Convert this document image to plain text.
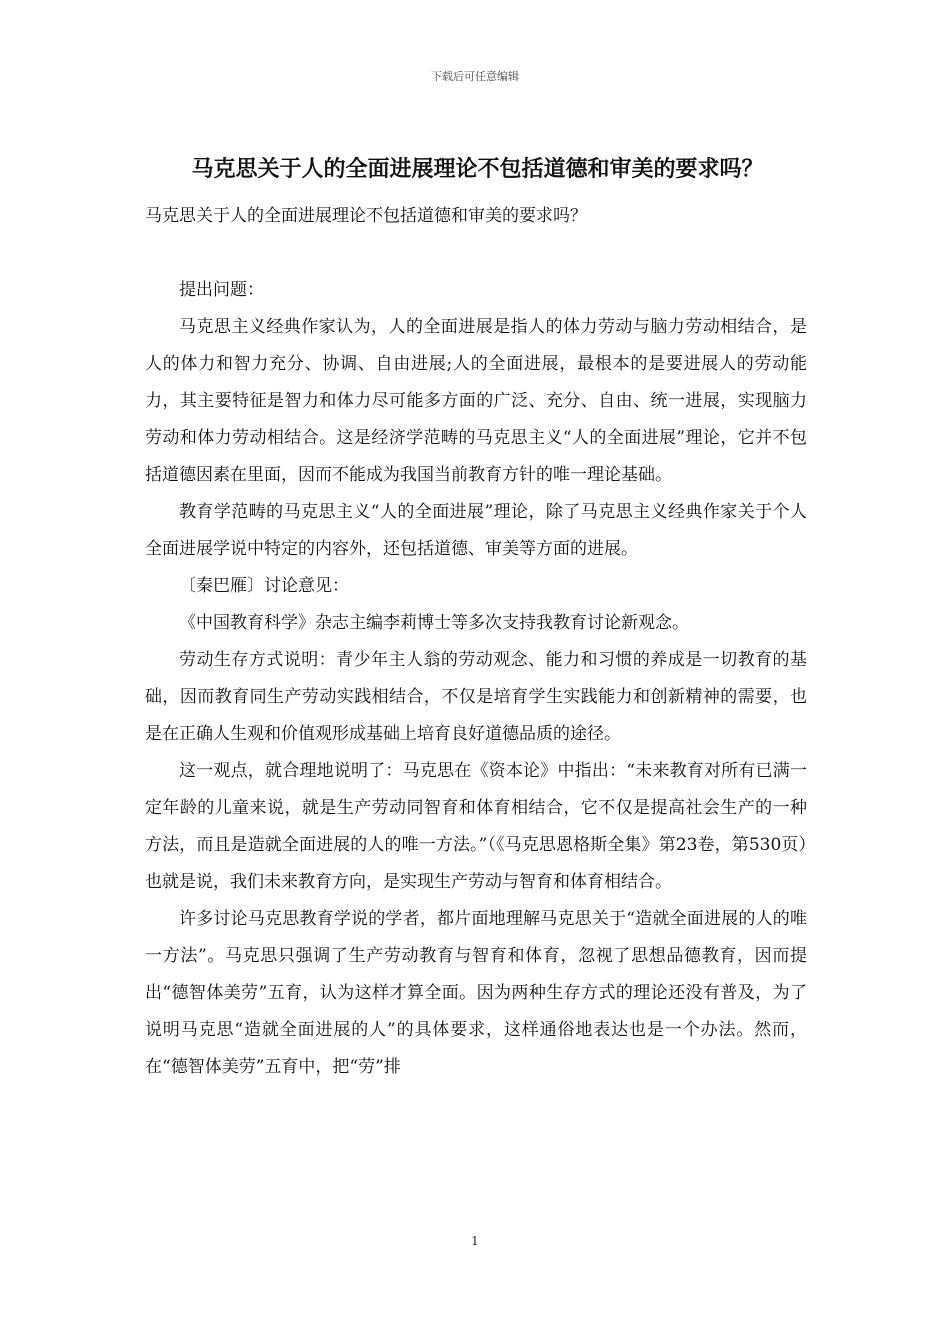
下载后可任意编辑
马克思关于人的全面进展理论不包括道德和审美的要求吗？

马克思关于人的全面进展理论不包括道德和审美的要求吗？

提出问题：

马克思主义经典作家认为，人的全面进展是指人的体力劳动与脑力劳动相结合，是人的体力和智力充分、协调、自由进展;人的全面进展，最根本的是要进展人的劳动能力，其主要特征是智力和体力尽可能多方面的广泛、充分、自由、统一进展，实现脑力劳动和体力劳动相结合。这是经济学范畴的马克思主义“人的全面进展”理论，它并不包括道德因素在里面，因而不能成为我国当前教育方针的唯一理论基础。

教育学范畴的马克思主义“人的全面进展”理论，除了马克思主义经典作家关于个人全面进展学说中特定的内容外，还包括道德、审美等方面的进展。

〔秦巴雁〕讨论意见：

《中国教育科学》杂志主编李莉博士等多次支持我教育讨论新观念。

劳动生存方式说明：青少年主人翁的劳动观念、能力和习惯的养成是一切教育的基础，因而教育同生产劳动实践相结合，不仅是培育学生实践能力和创新精神的需要，也是在正确人生观和价值观形成基础上培育良好道德品质的途径。

这一观点，就合理地说明了：马克思在《资本论》中指出：“未来教育对所有已满一定年龄的儿童来说，就是生产劳动同智育和体育相结合，它不仅是提高社会生产的一种方法，而且是造就全面进展的人的唯一方法。”（《马克思恩格斯全集》第23卷，第530页）也就是说，我们未来教育方向，是实现生产劳动与智育和体育相结合。

许多讨论马克思教育学说的学者，都片面地理解马克思关于“造就全面进展的人的唯一方法”。马克思只强调了生产劳动教育与智育和体育，忽视了思想品德教育，因而提出“德智体美劳”五育，认为这样才算全面。因为两种生存方式的理论还没有普及，为了说明马克思“造就全面进展的人”的具体要求，这样通俗地表达也是一个办法。然而，在“德智体美劳”五育中，把“劳”排

1
